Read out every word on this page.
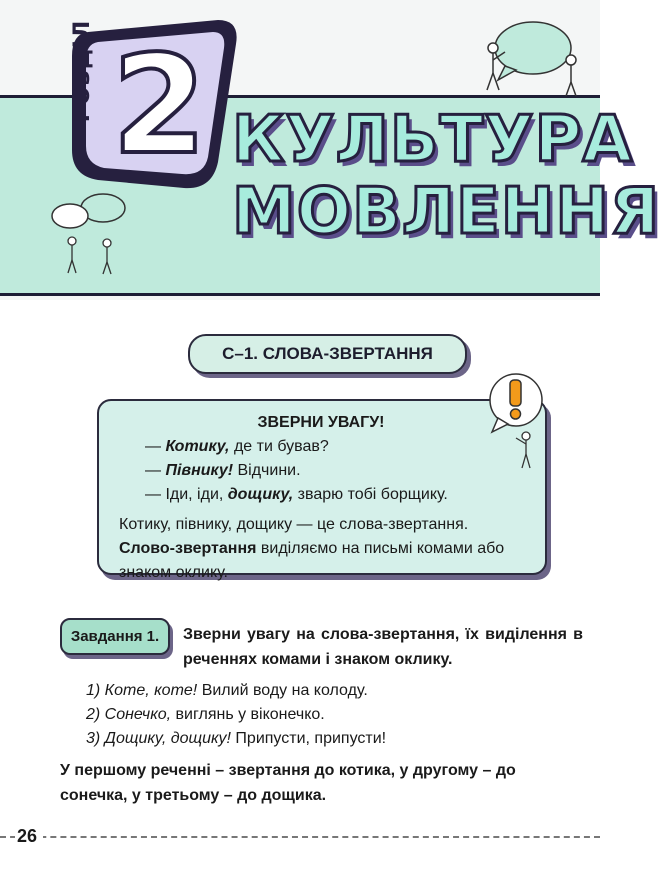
РОЗДІЛ 2 КУЛЬТУРА
МОВЛЕННЯ
С–1. СЛОВА-ЗВЕРТАННЯ
ЗВЕРНИ УВАГУ!
— Котику, де ти бував?
— Півнику! Відчини.
— Іди, іди, дощику, зварю тобі борщику.
Котику, півнику, дощику — це слова-звертання.
Слово-звертання виділяємо на письмі комами або знаком оклику.
Завдання 1.	Зверни увагу на слова-звертання, їх виділення в реченнях комами і знаком оклику.
1) Коте, коте! Вилий воду на колоду.
2) Сонечко, виглянь у віконечко.
3) Дощику, дощику! Припусти, припусти!
У першому реченні – звертання до котика, у другому – до сонечка, у третьому – до дощика.
26
